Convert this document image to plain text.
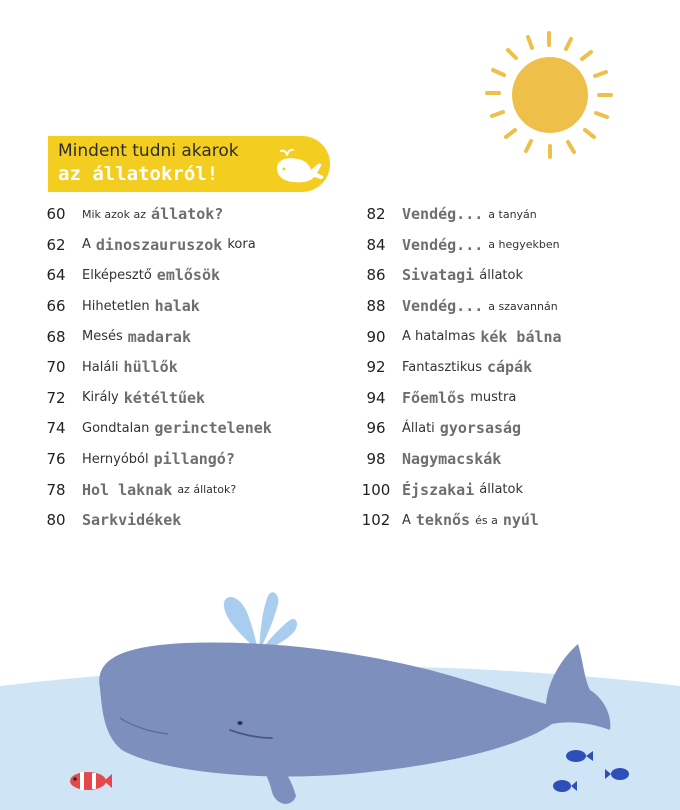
Mindent tudni akarok
az állatokról!
60	Mik azok az állatok?
62	A dinoszauruszok kora
64	Elképesztő emlősök
66	Hihetetlen halak
68	Mesés madarak
70	Haláli hüllők
72	Király kétéltűek
74	Gondtalan gerinctelenek
76	Hernyóból pillangó?
78	Hol laknak az állatok?
80	Sarkvidékek
82	Vendég... a tanyán
84	Vendég... a hegyekben
86	Sivatagi állatok
88	Vendég... a szavannán
90	A hatalmas kék bálna
92	Fantasztikus cápák
94	Főemlős mustra
96	Állati gyorsaság
98	Nagymacskák
100 Éjszakai állatok
102 A teknős és a nyúl
